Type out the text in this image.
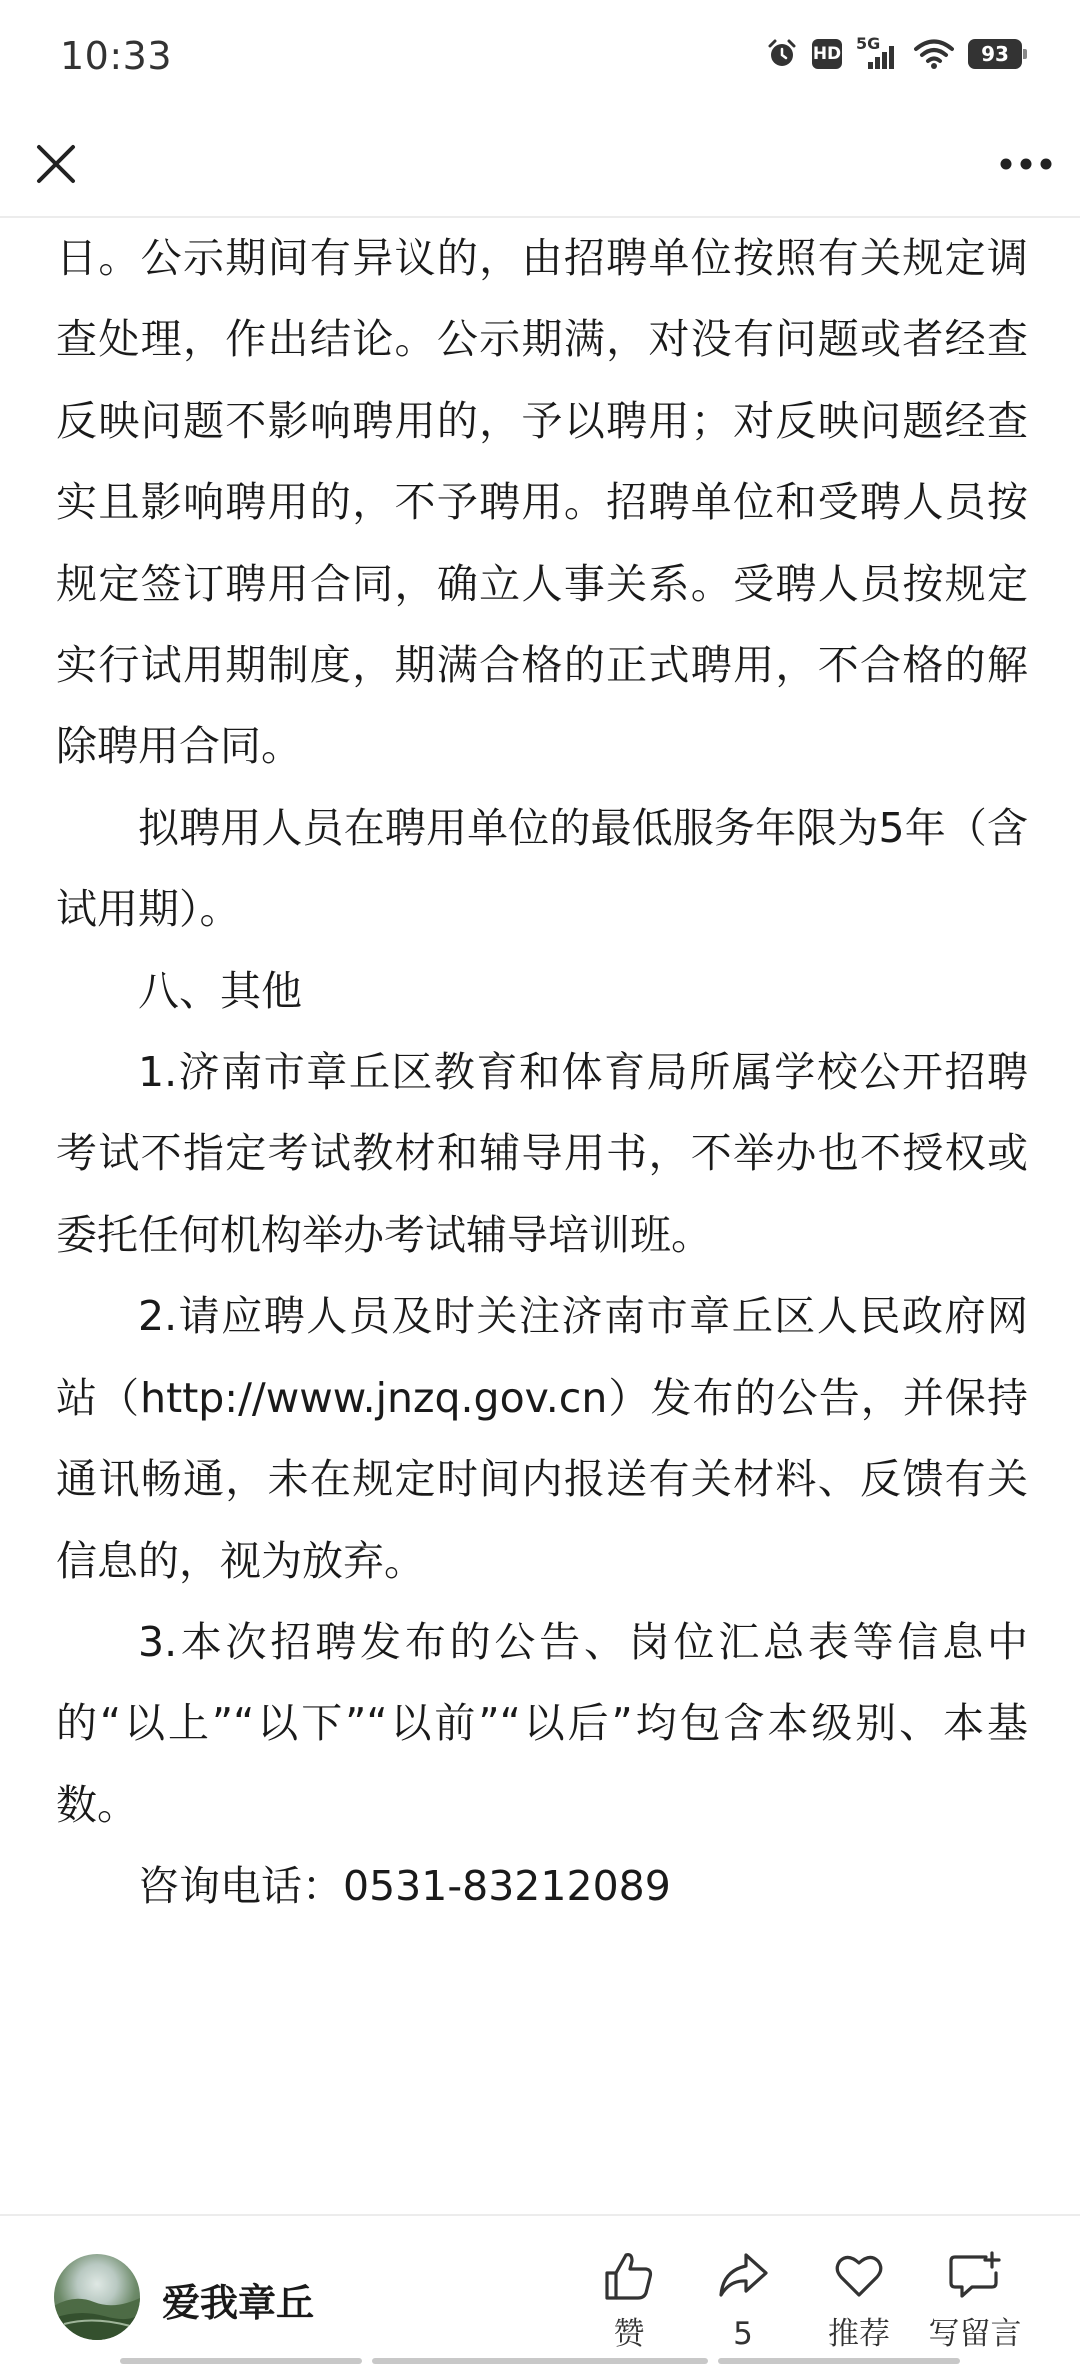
10:33	HD
5G	93

日。公示期间有异议的，由招聘单位按照有关规定调查处理，作出结论。公示期满，对没有问题或者经查反映问题不影响聘用的，予以聘用；对反映问题经查实且影响聘用的，不予聘用。招聘单位和受聘人员按规定签订聘用合同，确立人事关系。受聘人员按规定实行试用期制度，期满合格的正式聘用，不合格的解除聘用合同。

拟聘用人员在聘用单位的最低服务年限为5年（含试用期）。

八、其他

1.济南市章丘区教育和体育局所属学校公开招聘考试不指定考试教材和辅导用书，不举办也不授权或委托任何机构举办考试辅导培训班。

2.请应聘人员及时关注济南市章丘区人民政府网站（http://www.jnzq.gov.cn）发布的公告，并保持通讯畅通，未在规定时间内报送有关材料、反馈有关信息的，视为放弃。

3.本次招聘发布的公告、岗位汇总表等信息中的“以上”“以下”“以前”“以后”均包含本级别、本基数。

咨询电话：0531-83212089

爱我章丘
赞	5	推荐	写留言
